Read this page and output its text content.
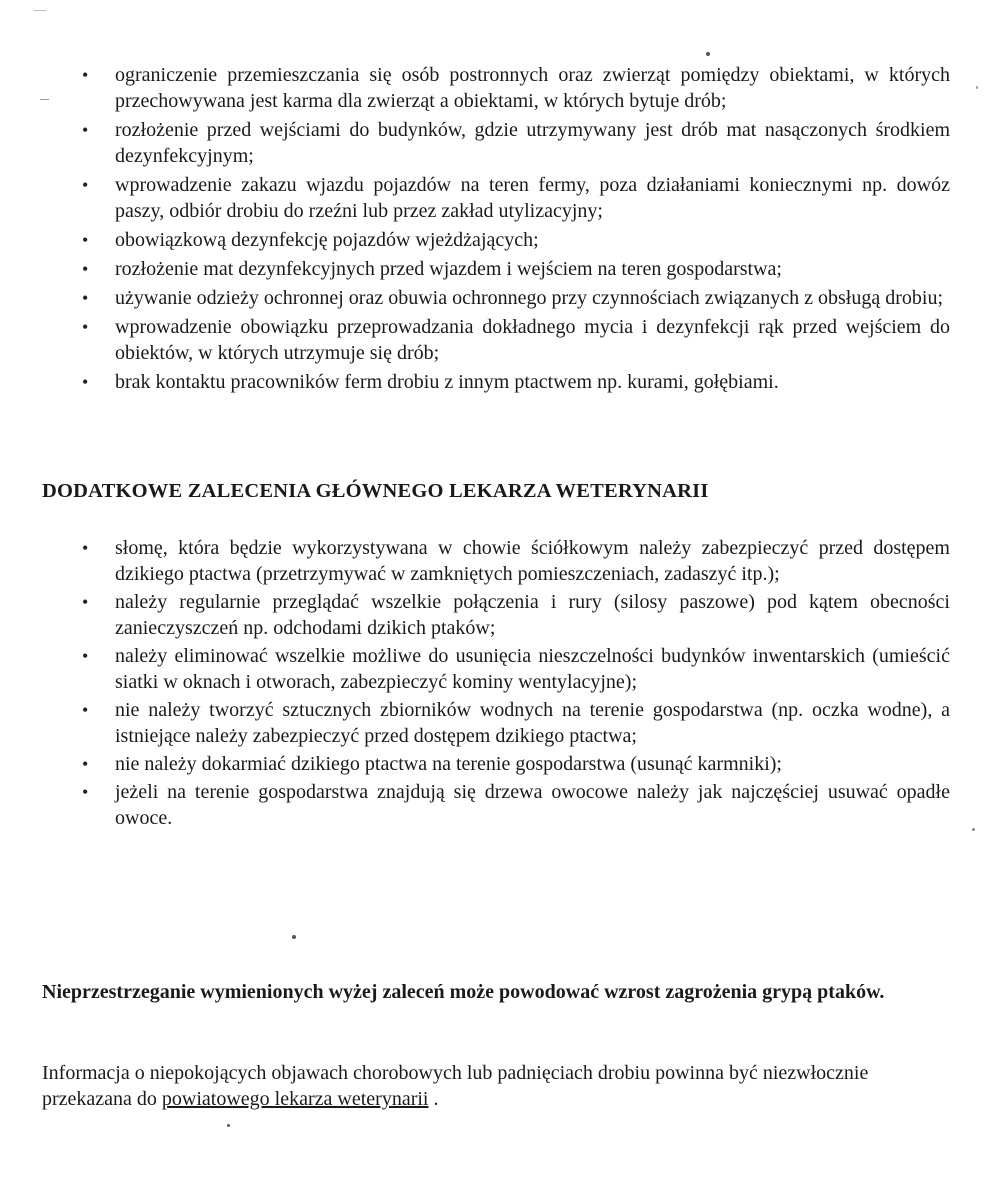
• ograniczenie przemieszczania się osób postronnych oraz zwierząt pomiędzy obiektami, w których przechowywana jest karma dla zwierząt a obiektami, w których bytuje drób;
• rozłożenie przed wejściami do budynków, gdzie utrzymywany jest drób mat nasączonych środkiem dezynfekcyjnym;
• wprowadzenie zakazu wjazdu pojazdów na teren fermy, poza działaniami koniecznymi np. dowóz paszy, odbiór drobiu do rzeźni lub przez zakład utylizacyjny;
• obowiązkową dezynfekcję pojazdów wjeżdżających;
• rozłożenie mat dezynfekcyjnych przed wjazdem i wejściem na teren gospodarstwa;
• używanie odzieży ochronnej oraz obuwia ochronnego przy czynnościach związanych z obsługą drobiu;
• wprowadzenie obowiązku przeprowadzania dokładnego mycia i dezynfekcji rąk przed wejściem do obiektów, w których utrzymuje się drób;
• brak kontaktu pracowników ferm drobiu z innym ptactwem np. kurami, gołębiami.
DODATKOWE ZALECENIA GŁÓWNEGO LEKARZA WETERYNARII
• słomę, która będzie wykorzystywana w chowie ściółkowym należy zabezpieczyć przed dostępem dzikiego ptactwa (przetrzymywać w zamkniętych pomieszczeniach, zadaszyć itp.);
• należy regularnie przeglądać wszelkie połączenia i rury (silosy paszowe) pod kątem obecności zanieczyszczeń np. odchodami dzikich ptaków;
• należy eliminować wszelkie możliwe do usunięcia nieszczelności budynków inwentarskich (umieścić siatki w oknach i otworach, zabezpieczyć kominy wentylacyjne);
• nie należy tworzyć sztucznych zbiorników wodnych na terenie gospodarstwa (np. oczka wodne), a istniejące należy zabezpieczyć przed dostępem dzikiego ptactwa;
• nie należy dokarmiać dzikiego ptactwa na terenie gospodarstwa (usunąć karmniki);
• jeżeli na terenie gospodarstwa znajdują się drzewa owocowe należy jak najczęściej usuwać opadłe owoce.

Nieprzestrzeganie wymienionych wyżej zaleceń może powodować wzrost zagrożenia grypą ptaków.

Informacja o niepokojących objawach chorobowych lub padnięciach drobiu powinna być niezwłocznie przekazana do powiatowego lekarza weterynarii .
